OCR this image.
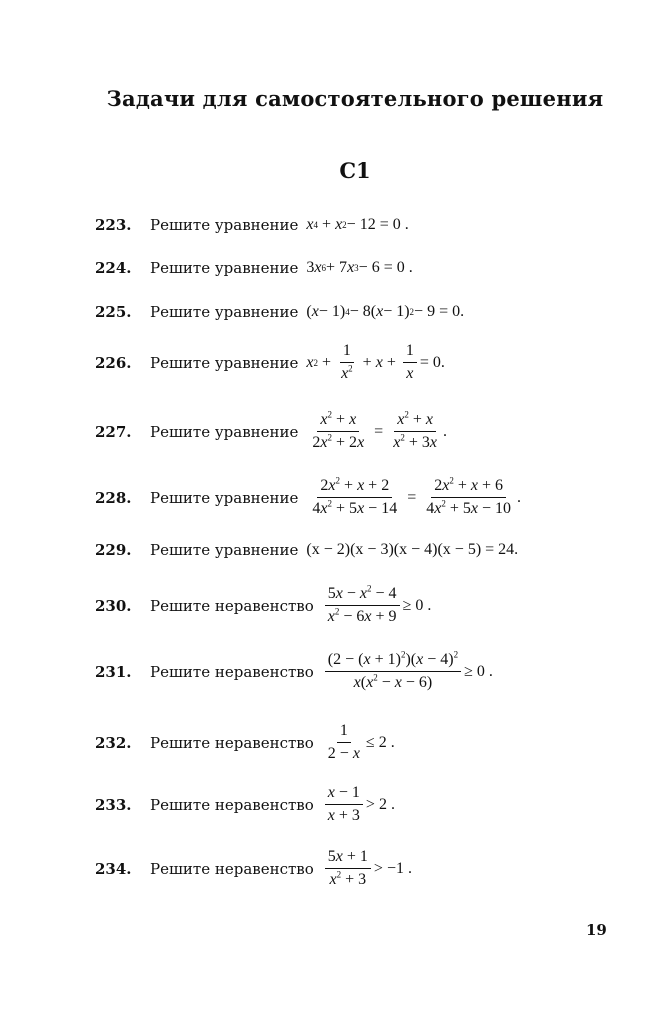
Задачи для самостоятельного решения
С1
223.	Решите уравнение x 4 + x 2 − 12 = 0 .
224.	Решите уравнение 3 x 6 + 7 x 3 − 6 = 0 .
225.	Решите уравнение ( x − 1) 4 − 8( x − 1) 2 − 9 = 0.
226.	Решите уравнение x $2 + \frac{1}{x^2} + x + \frac{1}{x} = 0$.
227.	Решите уравнение $\frac{x^2 + x}{2x^2 + 2x} = \frac{x^2 + x}{x^2 + 3x}$ .
228.	Решите уравнение $\frac{2x^2 + x + 2}{4x^2 + 5x - 14} = \frac{2x^2 + x + 6}{4x^2 + 5x - 10}$ .
229.	Решите уравнение (x − 2)(x − 3)(x − 4)(x − 5) = 24.
230.	Решите неравенство $\frac{5x - x^2 - 4}{x^2 - 6x + 9} \ge 0$ .
231.	Решите неравенство $\frac{(2 - (x + 1)^2)(x - 4)^2}{x(x^2 - x - 6)} \ge 0$ .
232.	Решите неравенство $\frac{1}{2 - x} \le 2$ .
233.	Решите неравенство $\frac{x - 1}{x + 3} > 2$ .
234.	Решите неравенство $\frac{5x + 1}{x^2 + 3} > -1$ .
19
